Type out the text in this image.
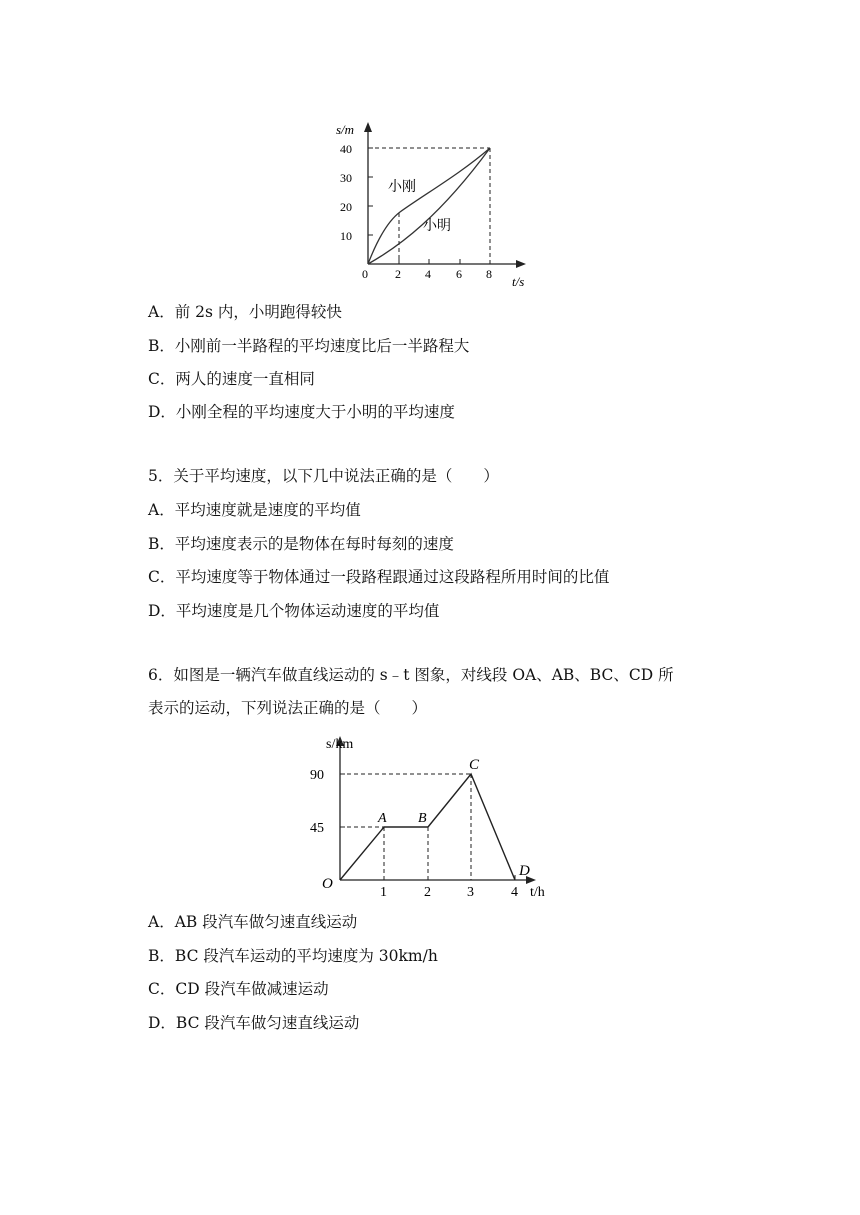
s/m
t/s
40
30
20
10
0 2 4 6 8
小刚
小明
A．前 2s 内，小明跑得较快
B．小刚前一半路程的平均速度比后一半路程大
C．两人的速度一直相同
D．小刚全程的平均速度大于小明的平均速度
5．关于平均速度，以下几中说法正确的是（　　）
A．平均速度就是速度的平均值
B．平均速度表示的是物体在每时每刻的速度
C．平均速度等于物体通过一段路程跟通过这段路程所用时间的比值
D．平均速度是几个物体运动速度的平均值
6．如图是一辆汽车做直线运动的 s﹣t 图象，对线段 OA、AB、BC、CD 所
表示的运动，下列说法正确的是（　　）
s/km
t/h
90
45
1	2	3	4
O
A B
C
D
A．AB 段汽车做匀速直线运动
B．BC 段汽车运动的平均速度为 30km/h
C．CD 段汽车做减速运动
D．BC 段汽车做匀速直线运动
